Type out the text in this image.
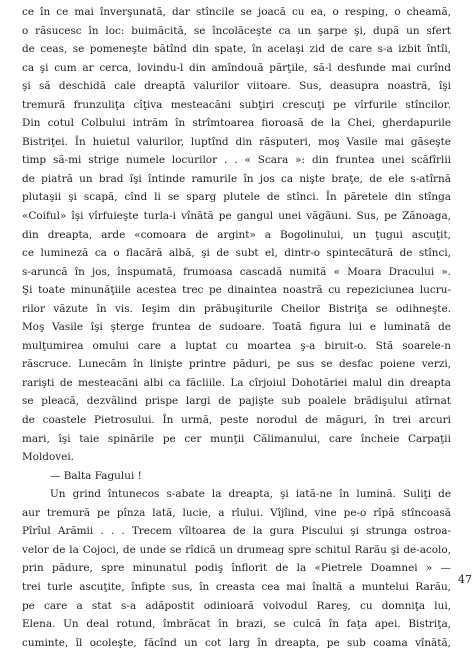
ce în ce mai înverşunată, dar stîncile se joacă cu ea, o resping, o cheamă,
o răsucesc în loc: buimăcită, se încolăceşte ca un şarpe şi, după un sfert
de ceas, se pomeneşte bătînd din spate, în acelaşi zid de care s-a izbit întîi,
ca şi cum ar cerca, lovindu-l din amîndouă părţile, să-l desfunde mai curînd
şi să deschidă cale dreaptă valurilor viitoare. Sus, deasupra noastră, îşi
tremură frunzuliţa cîţiva mesteacăni subţiri crescuţi pe vîrfurile stîncilor.
Din cotul Colbului intrăm în strîmtoarea fioroasă de la Chei, gherdapurile
Bistriţei. În huietul valurilor, luptînd din răsputeri, moş Vasile mai găseşte
timp să-mi strige numele locurilor . . « Scara »: din fruntea unei scăfîrlii
de piatră un brad îşi întinde ramurile în jos ca nişte braţe, de ele s-atîrnă
plutaşii şi scapă, cînd li se sparg plutele de stînci. În păretele din stînga
«Coiful» îşi vîrfuieşte turla-i vînătă pe gangul unei văgăuni. Sus, pe Zănoaga,
din dreapta, arde «comoara de argint» a Bogolinului, un ţugui ascuţit,
ce lumineză ca o flacără albă, şi de subt el, dintr-o spintecătură de stînci,
s-aruncă în jos, înspumată, frumoasa cascadă numită « Moara Dracului ».
Şi toate minunăţiile acestea trec pe dinaintea noastră cu repeziciunea lucru-
rilor văzute în vis. Ieşim din prăbuşiturile Cheilor Bistriţa se odihneşte.
Moş Vasile îşi şterge fruntea de sudoare. Toată figura lui e luminată de
mulţumirea omului care a luptat cu moartea ş-a biruit-o. Stă soarele-n
răscruce. Lunecăm în linişte printre păduri, pe sus se desfac poiene verzi,
rarişti de mesteacăni albi ca făcliile. La cîrjoiul Dohotăriei malul din dreapta
se pleacă, dezvălind prispe largi de pajişte sub poalele brădişului atîrnat
de coastele Pietrosului. În urmă, peste norodul de măguri, în trei arcuri
mari, îşi taie spinările pe cer munţii Călimanului, care încheie Carpaţii
Moldovei.
— Balta Fagului !
Un grind întunecos s-abate la dreapta, şi iată-ne în lumină. Suliţi de
aur tremură pe pînza lată, lucie, a rîului. Vîjîind, vine pe-o rîpă stîncoasă
Pîrîul Arămii . . . Trecem vîltoarea de la gura Piscului şi strunga ostroa-
velor de la Cojoci, de unde se rîdică un drumeag spre schitul Rarău şi de-acolo,
prin pădure, spre minunatul podiş înflorit de la «Pietrele Doamnei » —
trei turle ascuţite, înfipte sus, în creasta cea mai înaltă a muntelui Rarău,
pe care a stat s-a adăpostit odinioară voivodul Rareş, cu domniţa lui,
Elena. Un deal rotund, îmbrăcat în brazi, se culcă în faţa apei. Bistriţa,
cuminte, îl ocoleşte, făcînd un cot larg în dreapta, pe sub coama vînătă,
47
